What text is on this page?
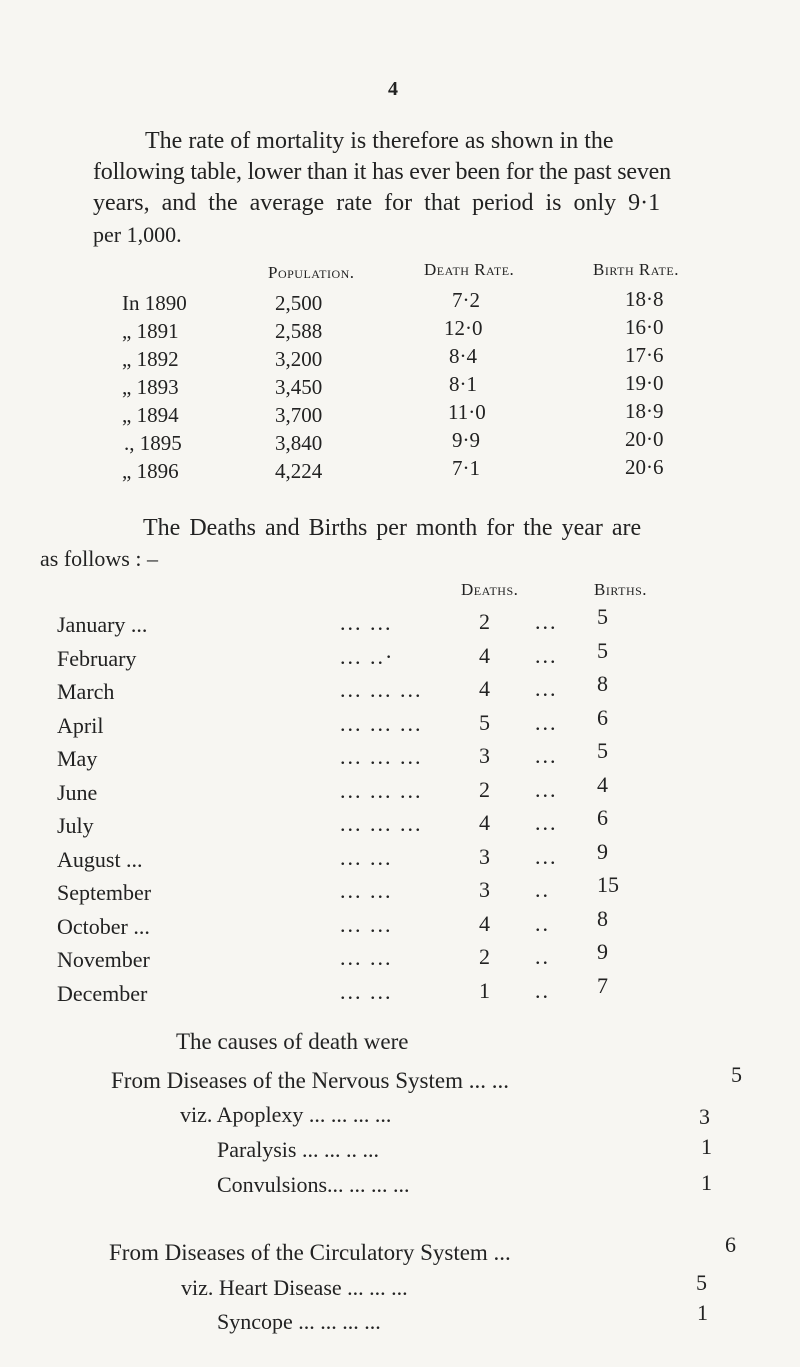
4
The rate of mortality is therefore as shown in the
following table, lower than it has ever been for the past seven
years, and the average rate for that period is only 9·1
per 1,000.
Population.	Death Rate.	Birth Rate.
In 1890	2,500	7·2	18·8
„ 1891	2,588	12·0	16·0
„ 1892	3,200	8·4	17·6
„ 1893	3,450	8·1	19·0
„ 1894	3,700	11·0	18·9
., 1895	3,840	9·9	20·0
„ 1896	4,224	7·1	20·6
The Deaths and Births per month for the year are
as follows : –
Deaths.	Births.
January ...	... ...	2 ... 5
February	... ..·	4 ... 5
March	... ... ...	4 ... 8
April	... ... ...	5 ... 6
May	... ... ...	3 ... 5
June	... ... ...	2 ... 4
July	... ... ...	4 ... 6
August ...	... ...	3 ... 9
September	... ...	3 .. 15
October ...	... ...	4 .. 8
November	... ...	2 .. 9
December	... ...	1 .. 7
The causes of death were
From Diseases of the Nervous System ... ...	5
viz. Apoplexy ... ... ... ...	3
Paralysis ... ... .. ...	1
Convulsions... ... ... ...	1
From Diseases of the Circulatory System ...	6
viz. Heart Disease ... ... ...	5
Syncope ... ... ... ...	1
